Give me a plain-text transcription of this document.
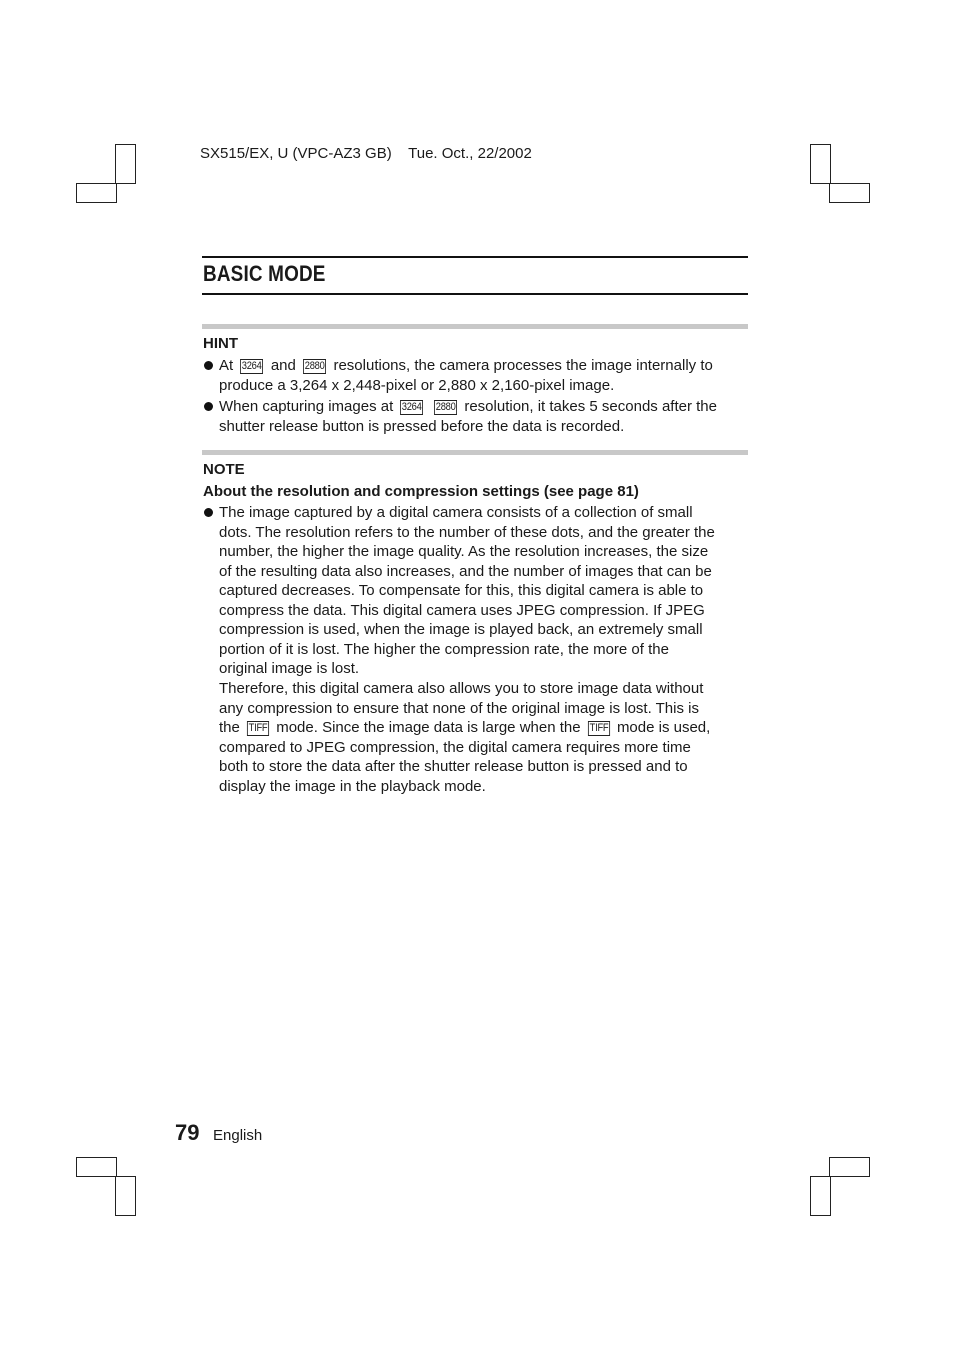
SX515/EX, U (VPC-AZ3 GB) Tue. Oct., 22/2002
BASIC MODE
HINT
At 3264 and 2880 resolutions, the camera processes the image internally to
produce a 3,264 x 2,448-pixel or 2,880 x 2,160-pixel image.
When capturing images at 3264 2880 resolution, it takes 5 seconds after the
shutter release button is pressed before the data is recorded.
NOTE
About the resolution and compression settings (see page 81)
The image captured by a digital camera consists of a collection of small
dots. The resolution refers to the number of these dots, and the greater the
number, the higher the image quality. As the resolution increases, the size
of the resulting data also increases, and the number of images that can be
captured decreases. To compensate for this, this digital camera is able to
compress the data. This digital camera uses JPEG compression. If JPEG
compression is used, when the image is played back, an extremely small
portion of it is lost. The higher the compression rate, the more of the
original image is lost.
Therefore, this digital camera also allows you to store image data without
any compression to ensure that none of the original image is lost. This is
the TIFF mode. Since the image data is large when the TIFF mode is used,
compared to JPEG compression, the digital camera requires more time
both to store the data after the shutter release button is pressed and to
display the image in the playback mode.
79 English
